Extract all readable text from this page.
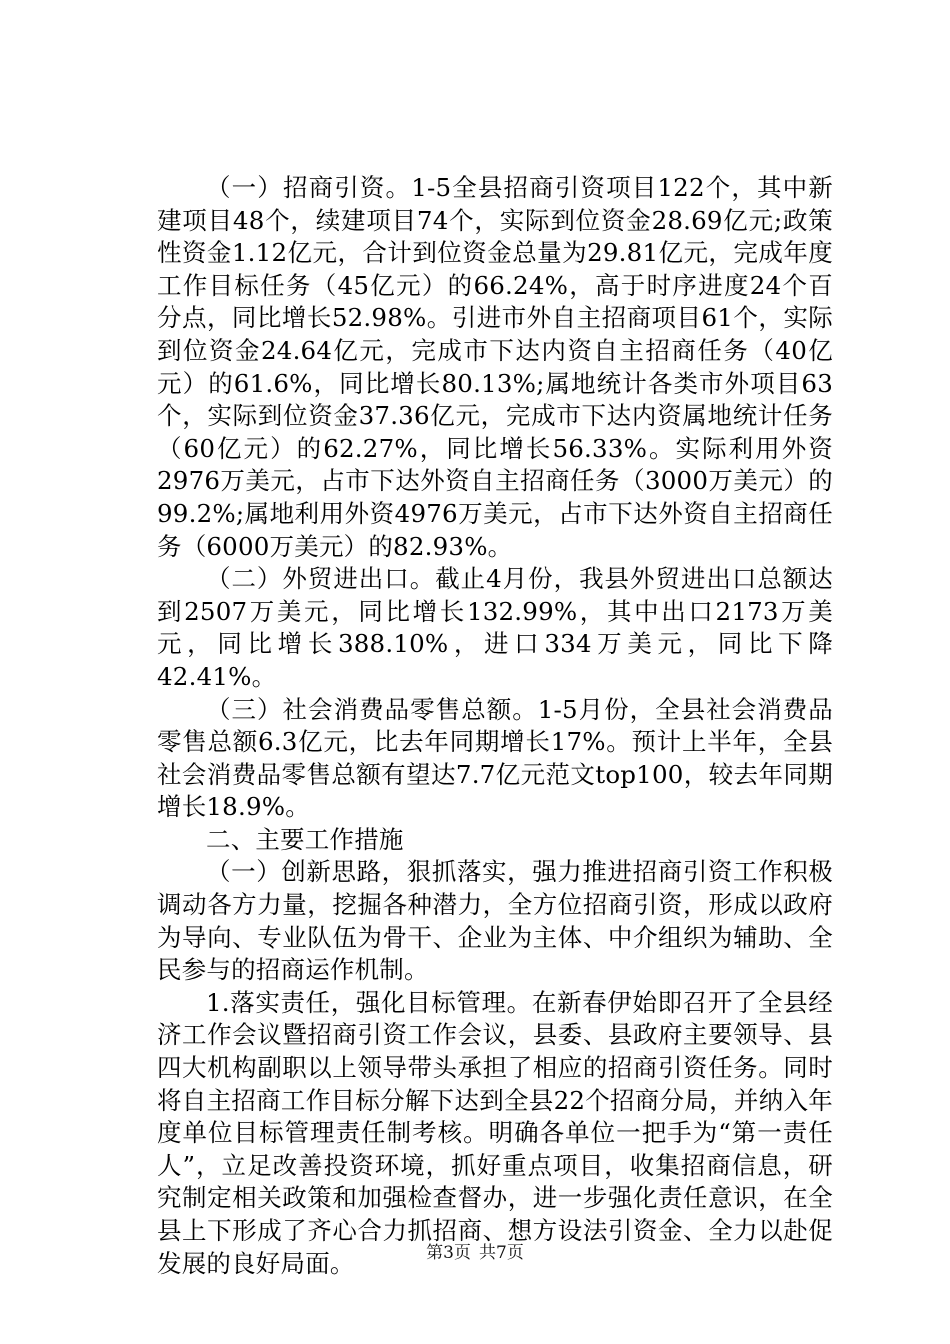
（一）招商引资。1-5全县招商引资项目122个，其中新建项目48个，续建项目74个，实际到位资金28.69亿元;政策性资金1.12亿元，合计到位资金总量为29.81亿元，完成年度工作目标任务（45亿元）的66.24%，高于时序进度24个百分点，同比增长52.98%。引进市外自主招商项目61个，实际到位资金24.64亿元，完成市下达内资自主招商任务（40亿元）的61.6%，同比增长80.13%;属地统计各类市外项目63个，实际到位资金37.36亿元，完成市下达内资属地统计任务（60亿元）的62.27%，同比增长56.33%。实际利用外资2976万美元，占市下达外资自主招商任务（3000万美元）的99.2%;属地利用外资4976万美元，占市下达外资自主招商任务（6000万美元）的82.93%。

（二）外贸进出口。截止4月份，我县外贸进出口总额达到2507万美元，同比增长132.99%，其中出口2173万美元，同比增长388.10%，进口334万美元，同比下降42.41%。

（三）社会消费品零售总额。1-5月份，全县社会消费品零售总额6.3亿元，比去年同期增长17%。预计上半年，全县社会消费品零售总额有望达7.7亿元范文top100，较去年同期增长18.9%。

二、主要工作措施

（一）创新思路，狠抓落实，强力推进招商引资工作积极调动各方力量，挖掘各种潜力，全方位招商引资，形成以政府为导向、专业队伍为骨干、企业为主体、中介组织为辅助、全民参与的招商运作机制。

1.落实责任，强化目标管理。在新春伊始即召开了全县经济工作会议暨招商引资工作会议，县委、县政府主要领导、县四大机构副职以上领导带头承担了相应的招商引资任务。同时将自主招商工作目标分解下达到全县22个招商分局，并纳入年度单位目标管理责任制考核。明确各单位一把手为“第一责任人”，立足改善投资环境，抓好重点项目，收集招商信息，研究制定相关政策和加强检查督办，进一步强化责任意识，在全县上下形成了齐心合力抓招商、想方设法引资金、全力以赴促发展的良好局面。	第3页 共7页
